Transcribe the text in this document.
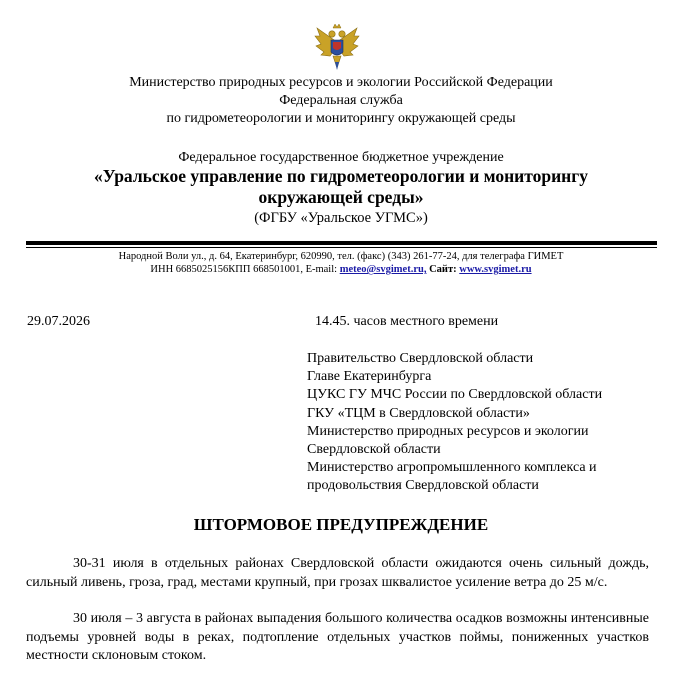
Министерство природных ресурсов и экологии Российской Федерации
Федеральная служба
по гидрометеорологии и мониторингу окружающей среды
Федеральное государственное бюджетное учреждение
«Уральское управление по гидрометеорологии и мониторингу
окружающей среды»
(ФГБУ «Уральское УГМС»)
Народной Воли ул., д. 64, Екатеринбург, 620990, тел. (факс) (343) 261-77-24, для телеграфа ГИМЕТ
ИНН 6685025156КПП 668501001, E-mail: meteo@svgimet.ru, Сайт: www.svgimet.ru
29.07.2026	14.45. часов местного времени
Правительство Свердловской области
Главе Екатеринбурга
ЦУКС ГУ МЧС России по Свердловской области
ГКУ «ТЦМ в Свердловской области»
Министерство природных ресурсов и экологии
Свердловской области
Министерство агропромышленного комплекса и
продовольствия Свердловской области
ШТОРМОВОЕ ПРЕДУПРЕЖДЕНИЕ
30-31 июля в отдельных районах Свердловской области ожидаются очень сильный дождь, сильный ливень, гроза, град, местами крупный, при грозах шквалистое усиление ветра до 25 м/с.
30 июля – 3 августа в районах выпадения большого количества осадков возможны интенсивные подъемы уровней воды в реках, подтопление отдельных участков поймы, пониженных участков местности склоновым стоком.
